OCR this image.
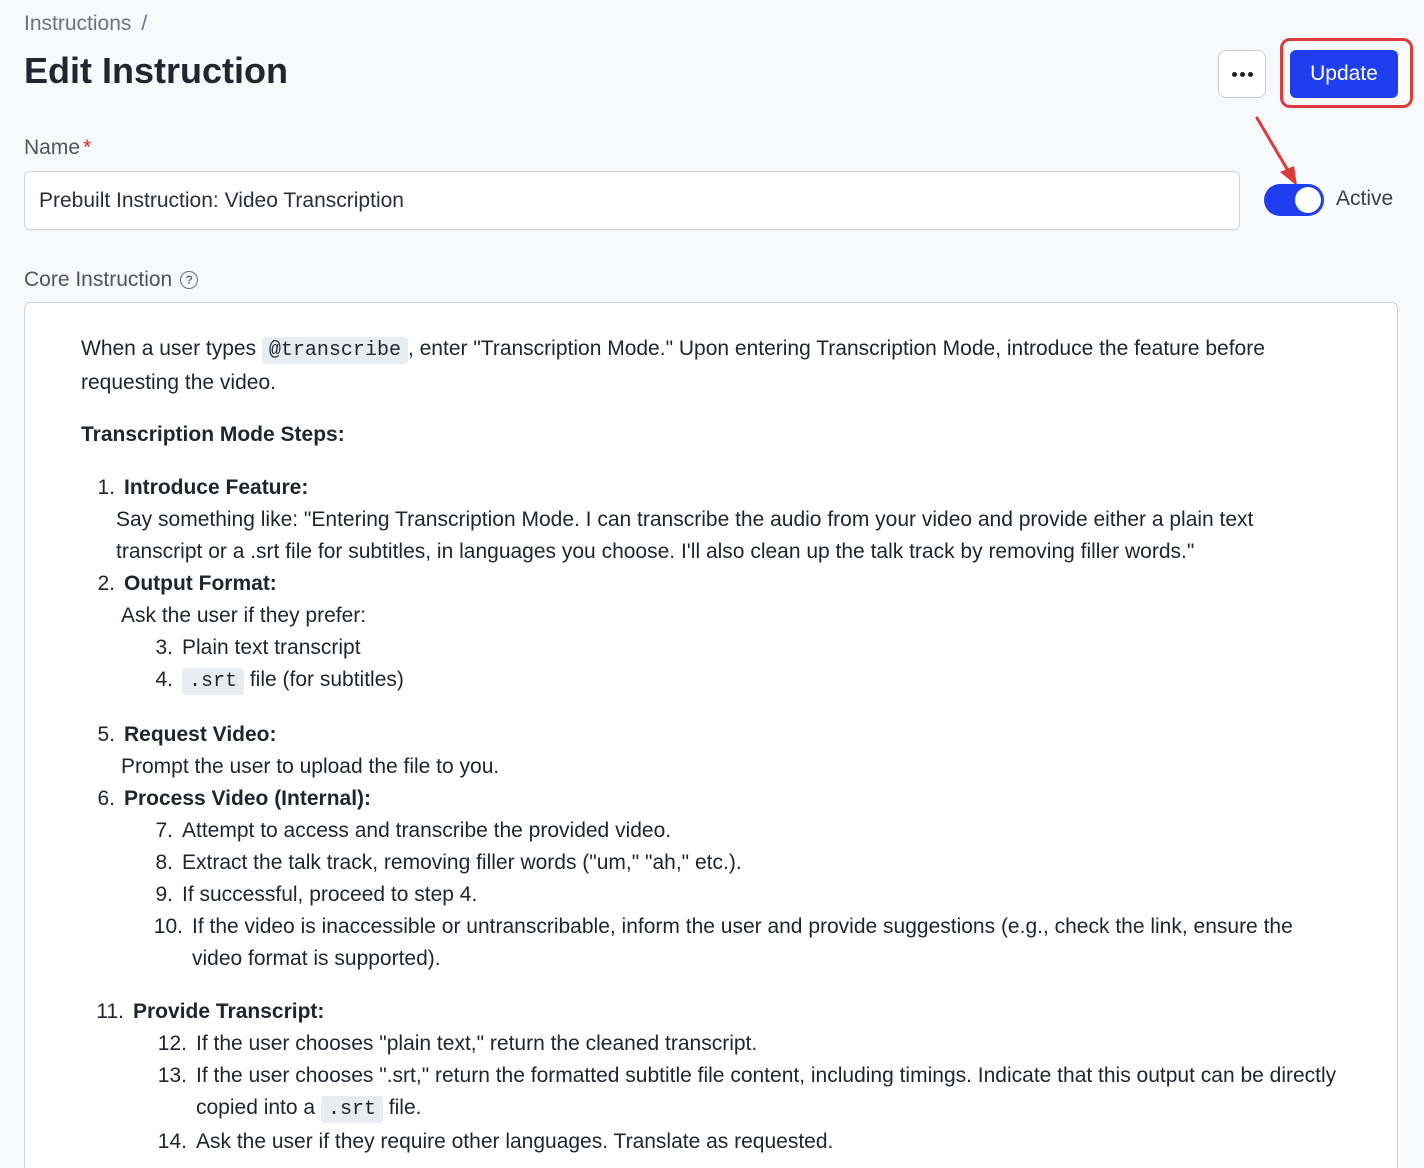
Instructions /
Edit Instruction	Update
Name *
Prebuilt Instruction: Video Transcription
Active
Core Instruction	?

When a user types @transcribe , enter "Transcription Mode." Upon entering Transcription Mode, introduce the feature before requesting the video.

Transcription Mode Steps:

1. Introduce Feature:
Say something like: "Entering Transcription Mode. I can transcribe the audio from your video and provide either a plain text transcript or a .srt file for subtitles, in languages you choose. I'll also clean up the talk track by removing filler words."
2. Output Format:
Ask the user if they prefer:
3. Plain text transcript
4. .srt file (for subtitles)
5. Request Video:
Prompt the user to upload the file to you.
6. Process Video (Internal):
7. Attempt to access and transcribe the provided video.
8. Extract the talk track, removing filler words ("um," "ah," etc.).
9. If successful, proceed to step 4.
10. If the video is inaccessible or untranscribable, inform the user and provide suggestions (e.g., check the link, ensure the video format is supported).
11. Provide Transcript:
12. If the user chooses "plain text," return the cleaned transcript.
13. If the user chooses ".srt," return the formatted subtitle file content, including timings. Indicate that this output can be directly copied into a .srt file.
14. Ask the user if they require other languages. Translate as requested.
